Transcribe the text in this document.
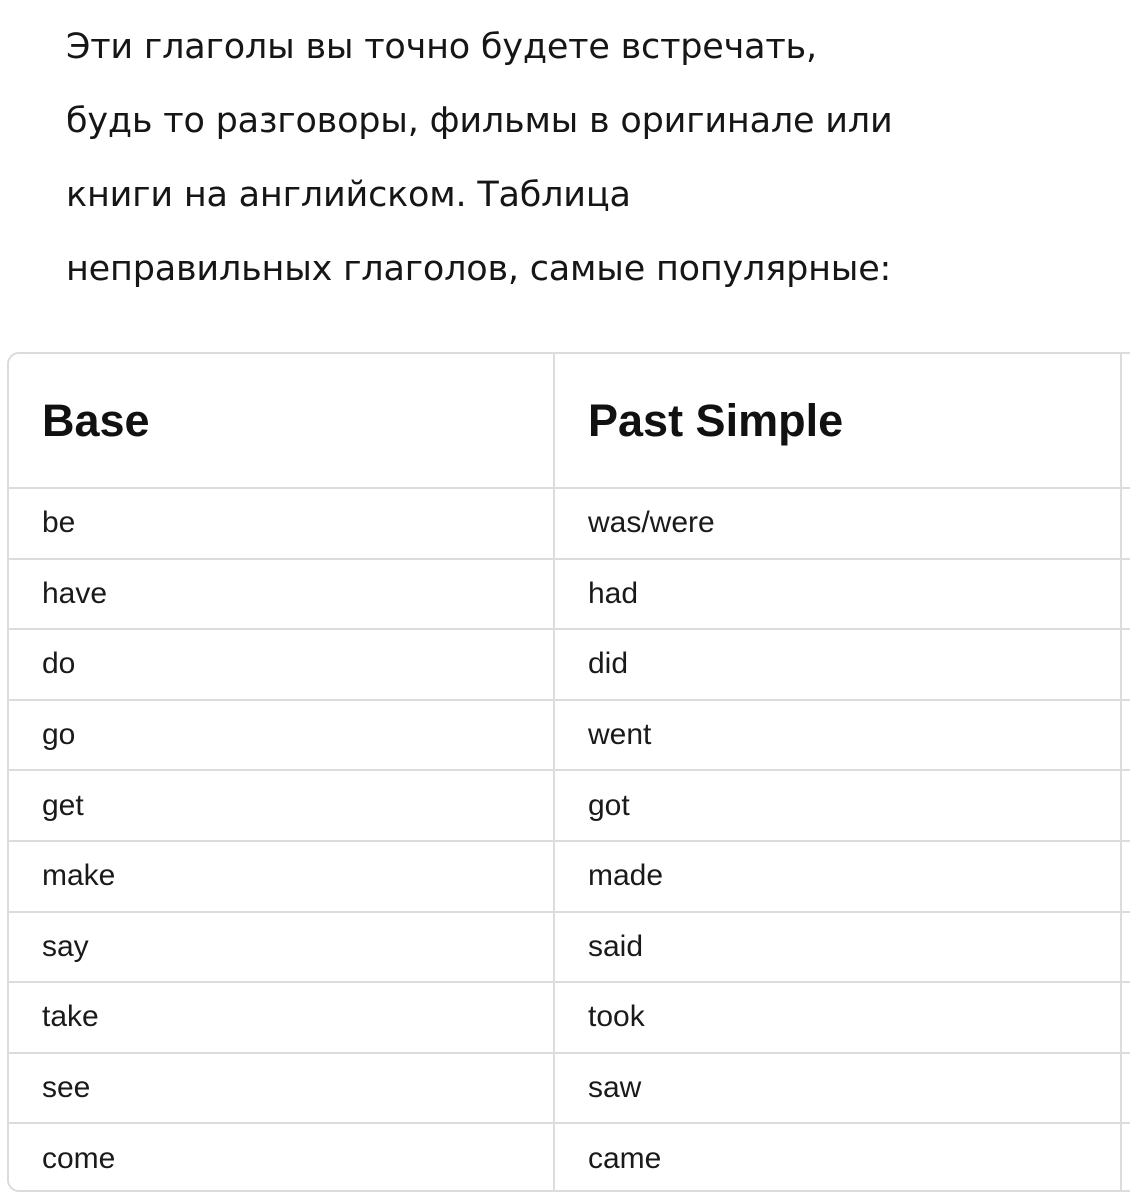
Эти глаголы вы точно будете встречать,
будь то разговоры, фильмы в оригинале или
книги на английском. Таблица
неправильных глаголов, самые популярные:
Base	Past Simple	
be	was/were	
have	had	
do	did	
go	went	
get	got	
make	made	
say	said	
take	took	
see	saw	
come	came	
